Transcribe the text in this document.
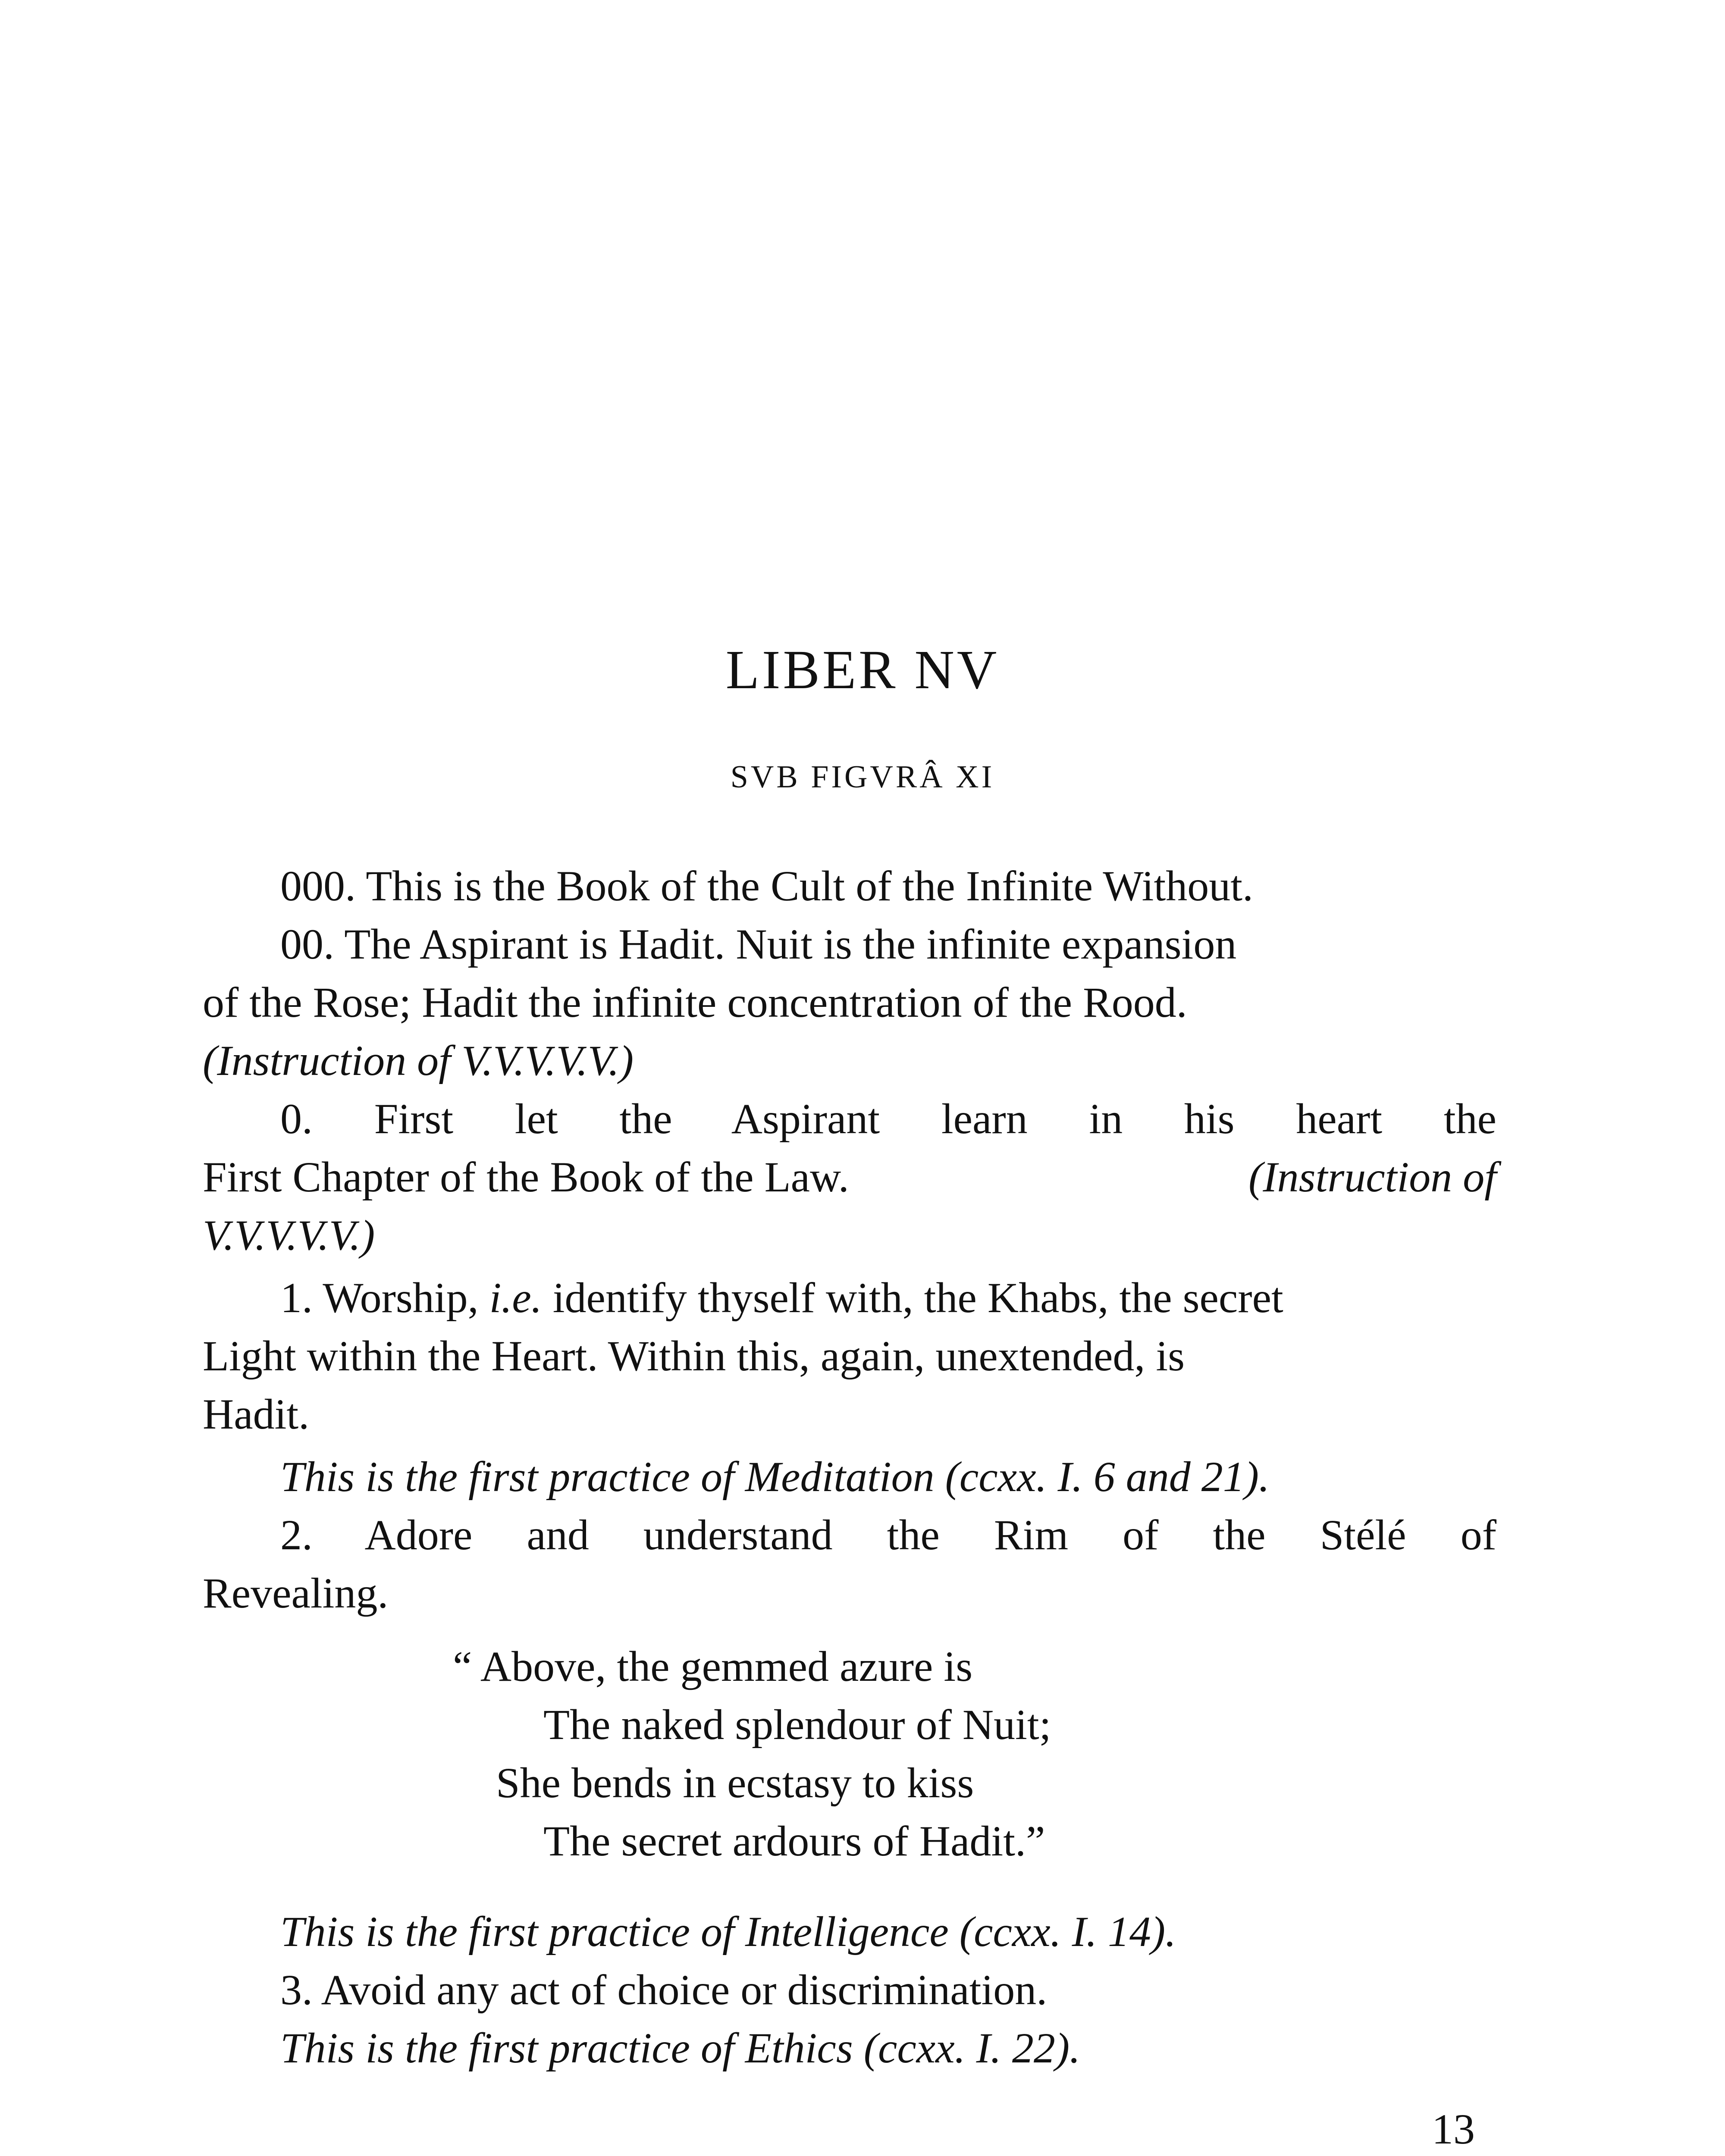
LIBER NV
SVB FIGVRÂ XI
000. This is the Book of the Cult of the Infinite Without.
00. The Aspirant is Hadit. Nuit is the infinite expansion
of the Rose; Hadit the infinite concentration of the Rood.
(Instruction of V.V.V.V.V.)
0. First let the Aspirant learn in his heart the
First Chapter of the Book of the Law.	(Instruction of
V.V.V.V.V.)
1. Worship, i.e. identify thyself with, the Khabs, the secret
Light within the Heart. Within this, again, unextended, is
Hadit.
This is the first practice of Meditation (ccxx. I. 6 and 21).
2. Adore and understand the Rim of the Stélé of
Revealing.
“ Above, the gemmed azure is
The naked splendour of Nuit;
She bends in ecstasy to kiss
The secret ardours of Hadit.”
This is the first practice of Intelligence (ccxx. I. 14).
3. Avoid any act of choice or discrimination.
This is the first practice of Ethics (ccxx. I. 22).
13
